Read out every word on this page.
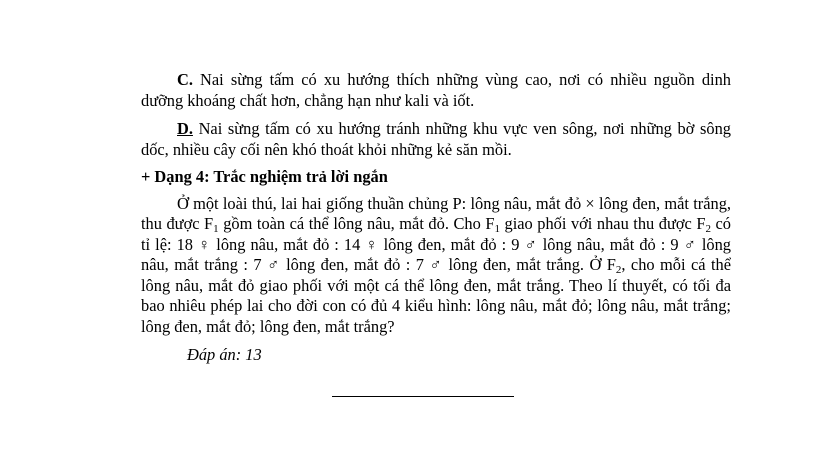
C. Nai sừng tấm có xu hướng thích những vùng cao, nơi có nhiều nguồn dinh dưỡng khoáng chất hơn, chẳng hạn như kali và iốt.

D. Nai sừng tấm có xu hướng tránh những khu vực ven sông, nơi những bờ sông dốc, nhiều cây cối nên khó thoát khỏi những kẻ săn mồi.

+ Dạng 4: Trắc nghiệm trả lời ngắn

Ở một loài thú, lai hai giống thuần chủng P: lông nâu, mắt đỏ × lông đen, mắt trắng, thu được $F_1$ gồm toàn cá thể lông nâu, mắt đỏ. Cho $F_1$ giao phối với nhau thu được $F_2$ có tỉ lệ: 18 ♀ lông nâu, mắt đỏ : 14 ♀ lông đen, mắt đỏ : 9 ♂ lông nâu, mắt đỏ : 9 ♂ lông nâu, mắt trắng : 7 ♂ lông đen, mắt đỏ : 7 ♂ lông đen, mắt trắng. Ở $F_2$, cho mỗi cá thể lông nâu, mắt đỏ giao phối với một cá thể lông đen, mắt trắng. Theo lí thuyết, có tối đa bao nhiêu phép lai cho đời con có đủ 4 kiểu hình: lông nâu, mắt đỏ; lông nâu, mắt trắng; lông đen, mắt đỏ; lông đen, mắt trắng?

Đáp án: 13
